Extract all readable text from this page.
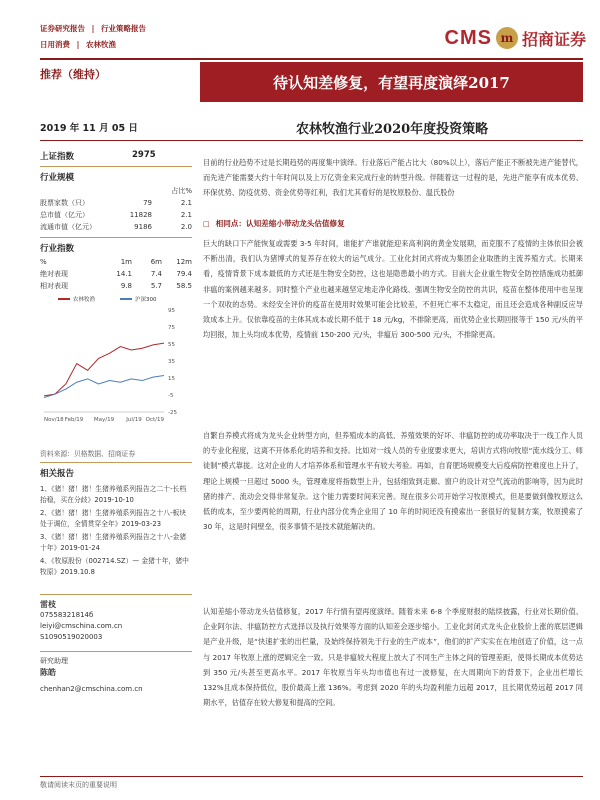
证券研究报告 | 行业策略报告
日用消费 | 农林牧渔	CMS m 招商证券
推荐（维持）	待认知差修复，有望再度演绎2017
2019 年 11 月 05 日	农林牧渔行业2020年度投资策略
上证指数	2975
行业规模
占比%
股票家数（只）	79	2.1
总市值（亿元）	11828	2.1
流通市值（亿元）	9186	2.0
行业指数
%	1m	6m	12m
绝对表现	14.1	7.4	79.4
相对表现	9.8	5.7	58.5
农林牧渔	沪深300
95
75
55
35
15
-5
-25
Nov/18 Feb/19 May/19 Jul/19 Oct/19
资料来源：贝格数据、招商证券
相关报告
1、《猪！猪！猪！生猪养殖系列报告之二十-长档抬稳，买在分歧》2019-10-10
2、《猪！猪！猪！生猪养殖系列报告之十八-板块处于调位，全情贯穿全年》2019-03-23
3、《猪！猪！猪！生猪养殖系列报告之十八-金猪十年》2019-01-24
4、《牧原股份（002714.SZ）— 金猪十年，猪中牧原》2019.10.8
雷枝
07558321814б
leiyi@cmschina.com.cn
S1090519020003
研究助理
陈皓
chenhan2@cmschina.com.cn
目前的行业趋势不过是长期趋势的再度集中演绎。行业落后产能占比大（80%以上），落后产能正不断被先进产能替代，而先进产能需要大约十年时间以及上万亿资金来完成行业的转型升级。伴随着这一过程的是，先进产能享有成本优势、环保优势、防疫优势、资金优势等红利，我们尤其看好的是牧原股份、温氏股份
□ 相同点：认知差缩小带动龙头估值修复
巨大的缺口下产能恢复或需要 3-5 年时间，谁能扩产谁就能迎来高利润的黄金发展期，而克服不了疫情的主体依旧会被不断出清，我们认为猪博式的复养存在较大的运气成分。工业化封闭式将成为集团企业取胜的主流养殖方式。长期来看，疫情背景下成本最低的方式还是生物安全防控，这也是隐患最小的方式。目前大企业重生物安全防控措施成功抵御非瘟的案例越来越多。同时整个产业也越来越坚定地走净化路线、强调生物安全防控的共识，疫苗在整体使用中也呈现一个双收的态势。未经安全评价的疫苗在使用时效果可能会比较差，不但死亡率不太稳定，而且还会造成各种副反应导致成本上升。仅依靠疫苗的主体其成本或长期不低于 18 元/kg，不排除更高，而优势企业长期回报等于 150 元/头的平均回报，加上头均成本优势，疫情前 150-200 元/头，非瘟后 300-500 元/头，不排除更高。
自繁自养模式将成为龙头企业转型方向，但养殖成本的高低、养殖效果的好坏、非瘟防控的成功率取决于一线工作人员的专业化程度，这离不开体系化的培养和支持。比如对一线人员的专业度要求更大，培训方式将向牧原“流水线分工、师徒制”模式靠拢。这对企业的人才培养体系和管理水平有较大考验。再如，自育肥场规模变大后疫病防控难度也上升了，理论上规模一旦超过 5000 头，管理难度将指数型上升，包括细致到走廊、窗户的设计对空气流动的影响等，因为此时猪的排产、流动会交得非常复杂。这个能力需要时间来完善。现在很多公司开始学习牧原模式，但是要做到像牧原这么低的成本，至少要两轮的周期，行业内部分优秀企业用了 10 年的时间还没有摸索出一套很好的复制方案，牧原摸索了 30 年，这是时间壁垒，很多事情不是技术就能解决的。
认知差缩小带动龙头估值修复，2017 年行情有望再度演绎。随着未来 6-8 个季度财报的陆续披露，行业对长期价值、企业阿尔法、非瘟防控方式选择以及执行效果等方面的认知差会逐步缩小。工业化封闭式龙头企业股价上涨的底层逻辑是产业升级，是“快速扩张的出栏量，及始终保持领先于行业的生产成本”，他们的扩产实实在在地创造了价值，这一点与 2017 年牧原上涨的逻辑完全一致。只是非瘟较大程度上放大了不同生产主体之间的管理差距，使得长期成本优势达到 350 元/头甚至更高水平。2017 年牧原当年头均市值也有过一波修复，在大周期向下的背景下，企业出栏增长 132%且成本保持低位，股价最高上涨 136%。考虑到 2020 年的头均盈利能力远超 2017，且长期优势远超 2017 同期水平，估值存在较大修复和提高的空间。
敬请阅读末页的重要说明
